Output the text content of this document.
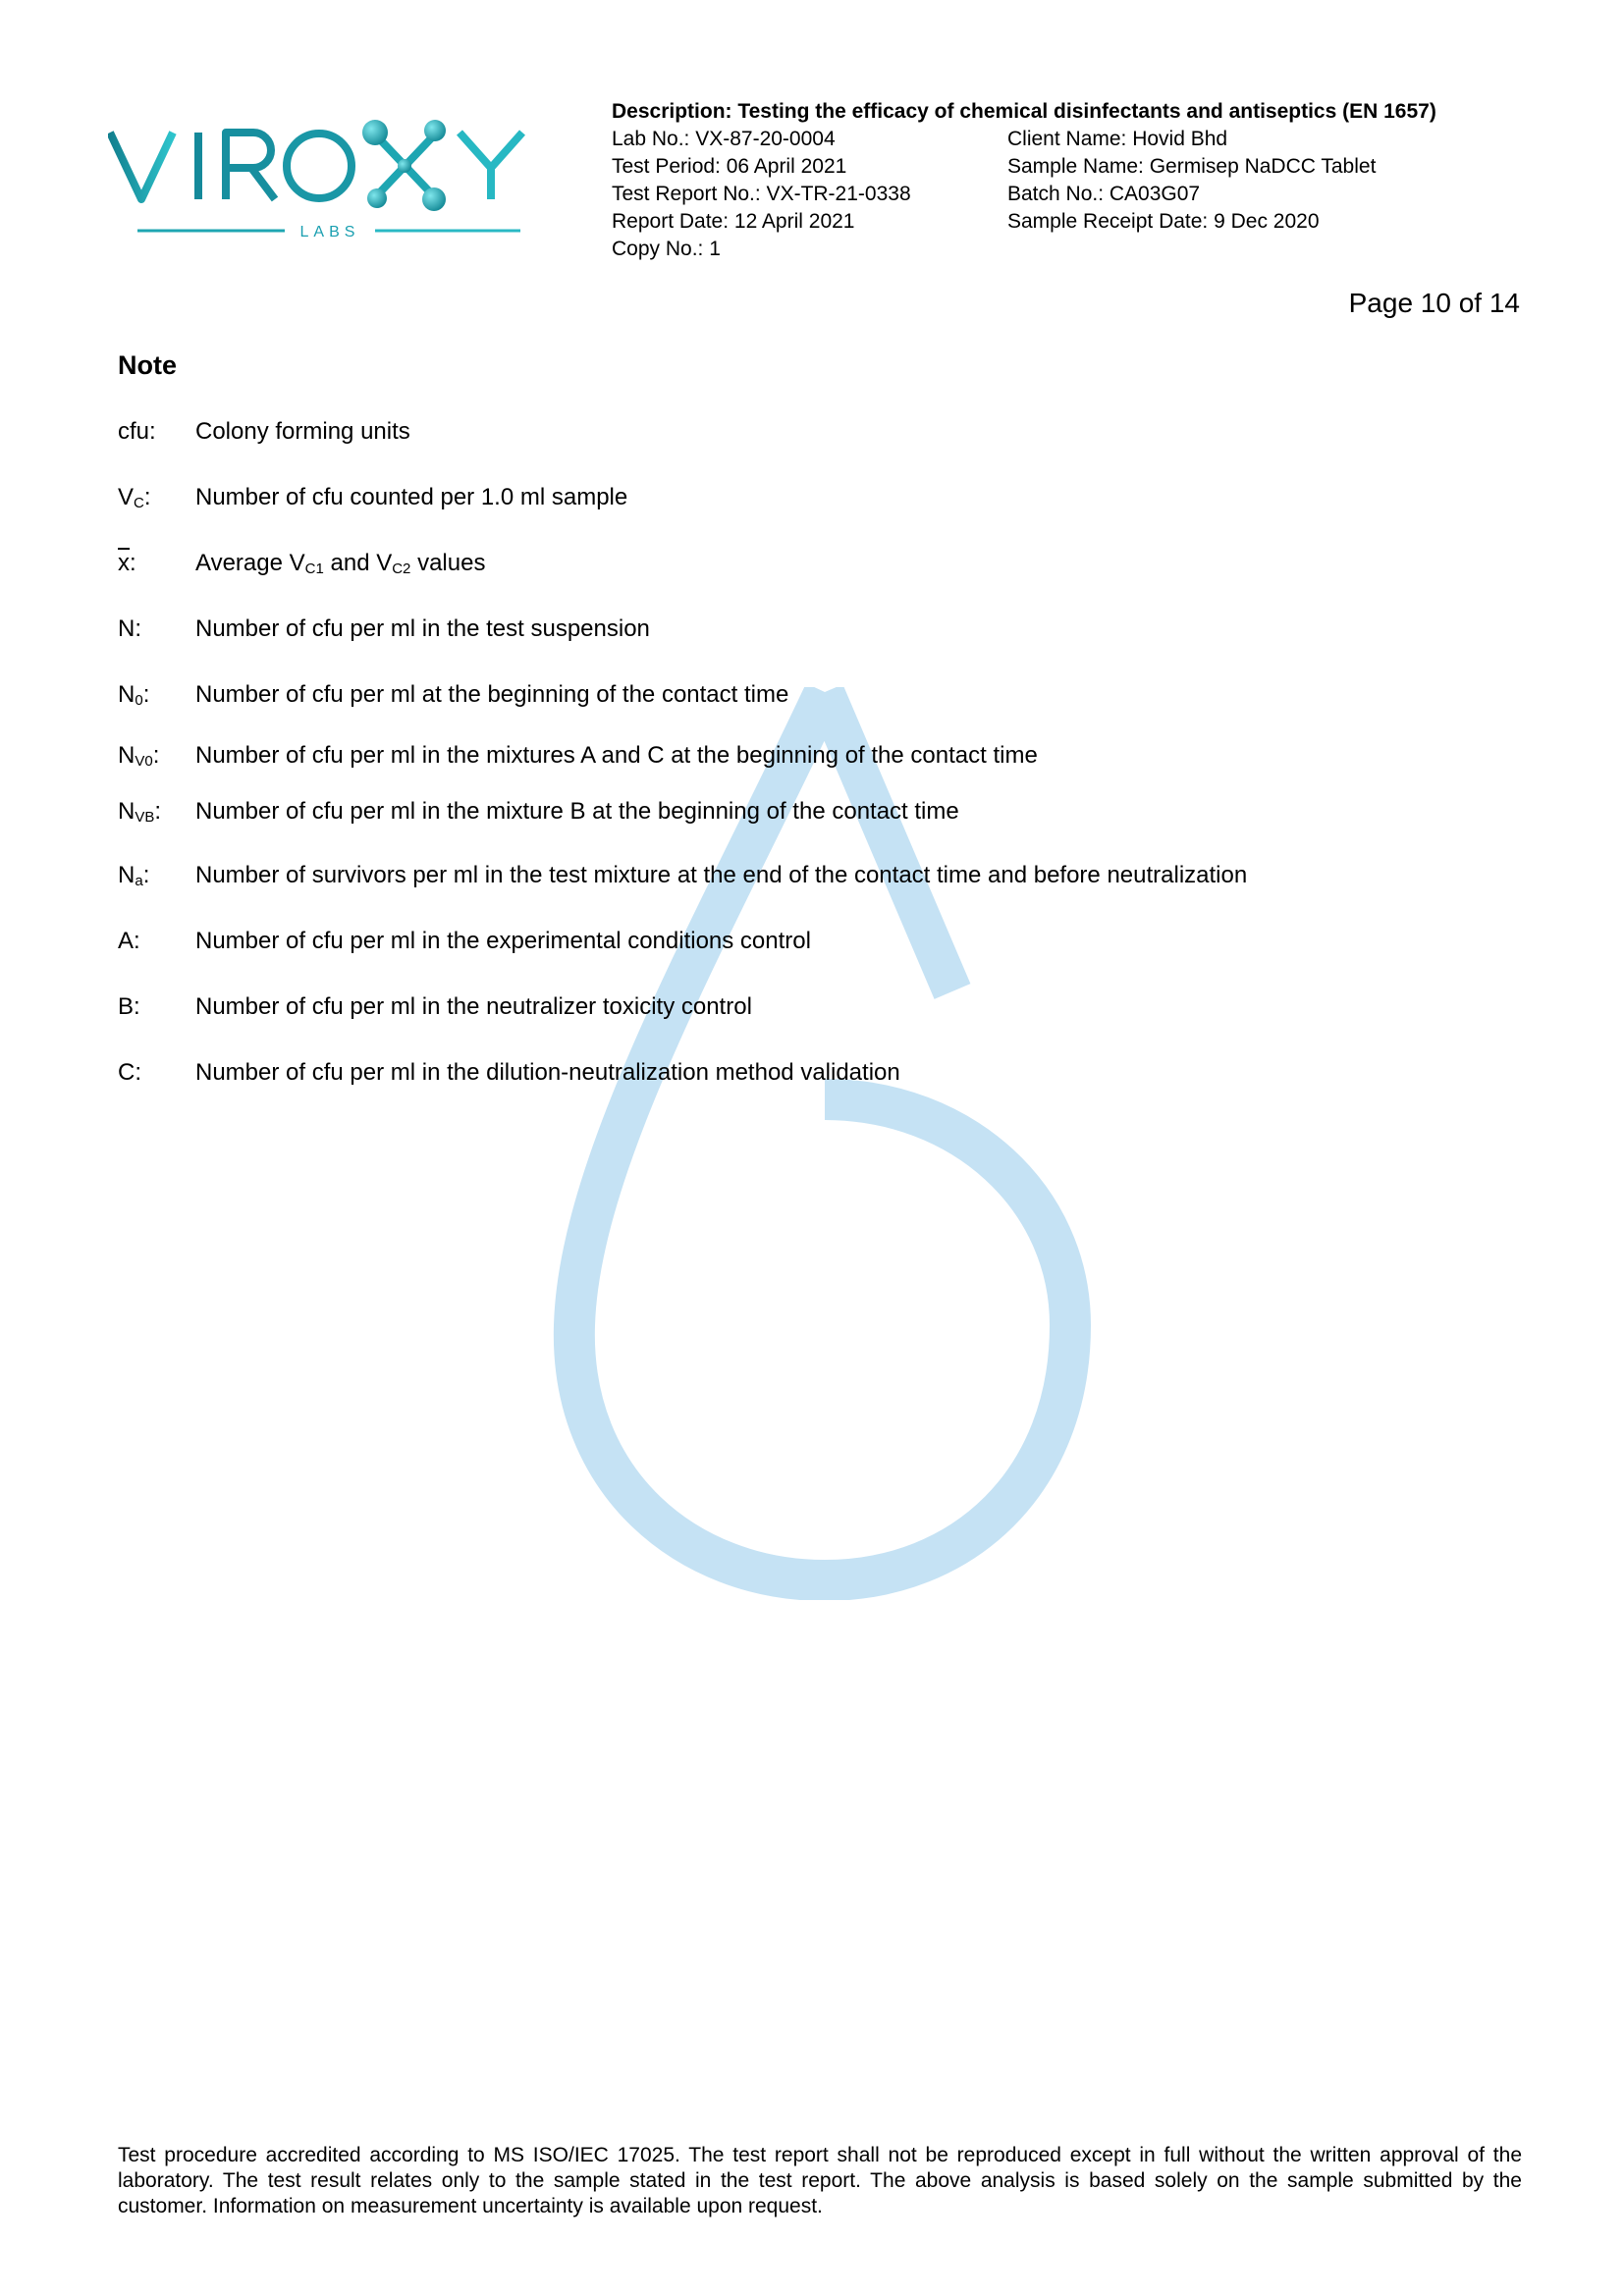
LABS
Description: Testing the efficacy of chemical disinfectants and antiseptics (EN 1657)
Lab No.: VX-87-20-0004	Client Name: Hovid Bhd
Test Period: 06 April 2021	Sample Name: Germisep NaDCC Tablet
Test Report No.: VX-TR-21-0338	Batch No.: CA03G07
Report Date: 12 April 2021	Sample Receipt Date: 9 Dec 2020
Copy No.: 1
Page 10 of 14
Note
cfu:	Colony forming units
$V_C$:	Number of cfu counted per 1.0 ml sample
$\overline{x}$:	Average $V_{C1}$ and $V_{C2}$ values
N:	Number of cfu per ml in the test suspension
$N_0$:	Number of cfu per ml at the beginning of the contact time
$N_{V0}$:	Number of cfu per ml in the mixtures A and C at the beginning of the contact time
$N_{VB}$:	Number of cfu per ml in the mixture B at the beginning of the contact time
$N_a$:	Number of survivors per ml in the test mixture at the end of the contact time and before neutralization
A:	Number of cfu per ml in the experimental conditions control
B:	Number of cfu per ml in the neutralizer toxicity control
C:	Number of cfu per ml in the dilution-neutralization method validation
Test procedure accredited according to MS ISO/IEC 17025. The test report shall not be reproduced except in full without the written approval of the laboratory. The test result relates only to the sample stated in the test report. The above analysis is based solely on the sample submitted by the customer. Information on measurement uncertainty is available upon request.
